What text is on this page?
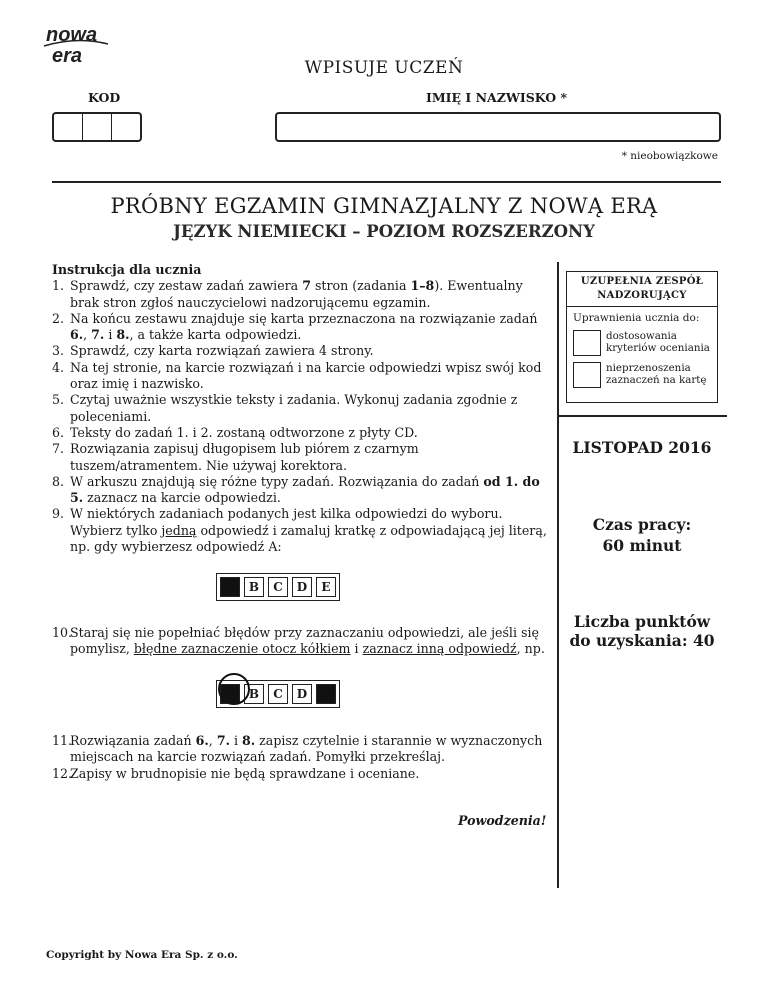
nowa
era
WPISUJE UCZEŃ
KOD	IMIĘ I NAZWISKO *
* nieobowiązkowe
PRÓBNY EGZAMIN GIMNAZJALNY Z NOWĄ ERĄ
JĘZYK NIEMIECKI – POZIOM ROZSZERZONY
Instrukcja dla ucznia
1. Sprawdź, czy zestaw zadań zawiera 7 stron (zadania 1–8). Ewentualny brak stron zgłoś nauczycielowi nadzorującemu egzamin.
2. Na końcu zestawu znajduje się karta przeznaczona na rozwiązanie zadań 6., 7. i 8., a także karta odpowiedzi.
3. Sprawdź, czy karta rozwiązań zawiera 4 strony.
4. Na tej stronie, na karcie rozwiązań i na karcie odpowiedzi wpisz swój kod oraz imię i nazwisko.
5. Czytaj uważnie wszystkie teksty i zadania. Wykonuj zadania zgodnie z poleceniami.
6. Teksty do zadań 1. i 2. zostaną odtworzone z płyty CD.
7. Rozwiązania zapisuj długopisem lub piórem z czarnym tuszem/atramentem. Nie używaj korektora.
8. W arkuszu znajdują się różne typy zadań. Rozwiązania do zadań od 1. do 5. zaznacz na karcie odpowiedzi.
9. W niektórych zadaniach podanych jest kilka odpowiedzi do wyboru. Wybierz tylko jedną odpowiedź i zamaluj kratkę z odpowiadającą jej literą, np. gdy wybierzesz odpowiedź A:
B	C	D	E
10.
Staraj się nie popełniać błędów przy zaznaczaniu odpowiedzi, ale jeśli się pomylisz, błędne zaznaczenie otocz kółkiem i zaznacz inną odpowiedź, np.
B	C	D
11.
Rozwiązania zadań 6., 7. i 8. zapisz czytelnie i starannie w wyznaczonych miejscach na karcie rozwiązań zadań. Pomyłki przekreślaj.
12.
Zapisy w brudnopisie nie będą sprawdzane i oceniane.
Powodzenia!
UZUPEŁNIA ZESPÓŁ
NADZORUJĄCY
Uprawnienia ucznia do:
dostosowania
kryteriów oceniania
nieprzenoszenia
zaznaczeń na kartę
LISTOPAD 2016
Czas pracy:
60 minut
Liczba punktów
do uzyskania: 40
Copyright by Nowa Era Sp. z o.o.
